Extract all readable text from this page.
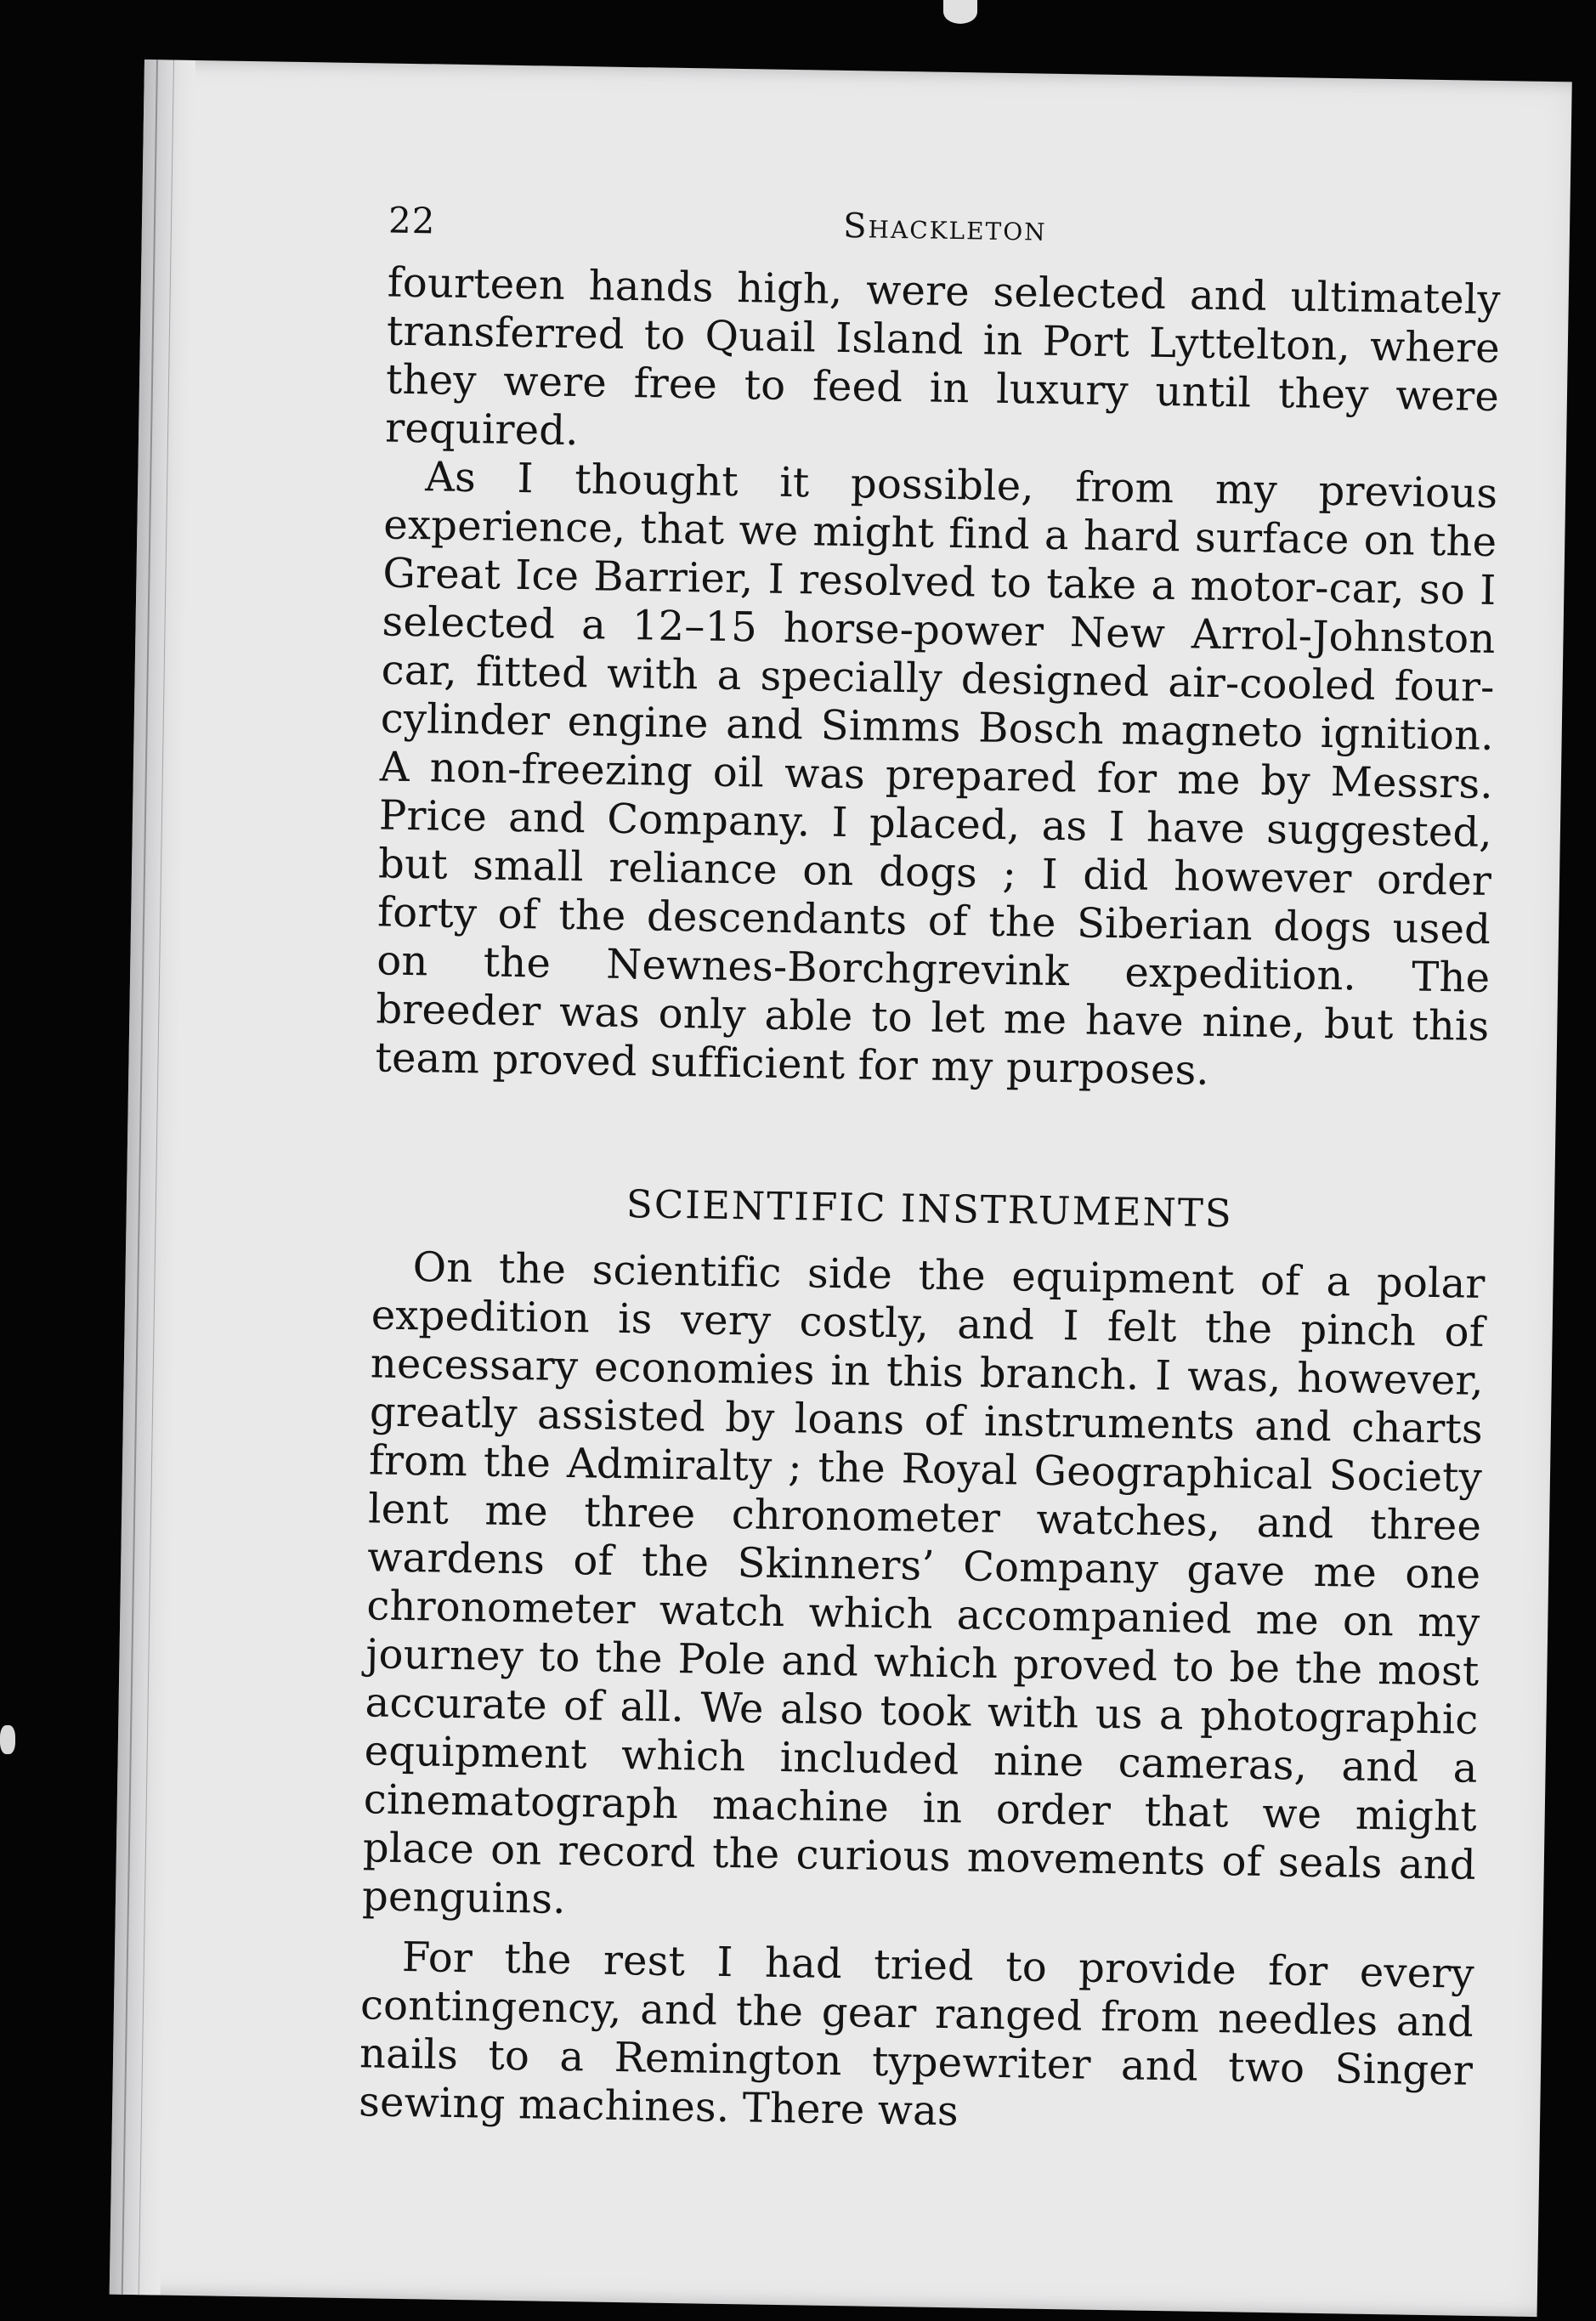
22	Shackleton

fourteen hands high, were selected and ultimately transferred to Quail Island in Port Lyttelton, where they were free to feed in luxury until they were required.

As I thought it possible, from my previous experience, that we might find a hard surface on the Great Ice Barrier, I resolved to take a motor-car, so I selected a 12–15 horse-power New Arrol-Johnston car, fitted with a specially designed air-cooled four-cylinder engine and Simms Bosch magneto ignition. A non-freezing oil was prepared for me by Messrs. Price and Company. I placed, as I have suggested, but small reliance on dogs ; I did however order forty of the descendants of the Siberian dogs used on the Newnes-Borchgrevink expedition. The breeder was only able to let me have nine, but this team proved sufficient for my purposes.

SCIENTIFIC INSTRUMENTS

On the scientific side the equipment of a polar expedition is very costly, and I felt the pinch of necessary economies in this branch. I was, however, greatly assisted by loans of instruments and charts from the Admiralty ; the Royal Geographical Society lent me three chronometer watches, and three wardens of the Skinners’ Company gave me one chronometer watch which accompanied me on my journey to the Pole and which proved to be the most accurate of all. We also took with us a photographic equipment which included nine cameras, and a cinematograph machine in order that we might place on record the curious movements of seals and penguins.

For the rest I had tried to provide for every contingency, and the gear ranged from needles and nails to a Remington typewriter and two Singer sewing machines. There was
